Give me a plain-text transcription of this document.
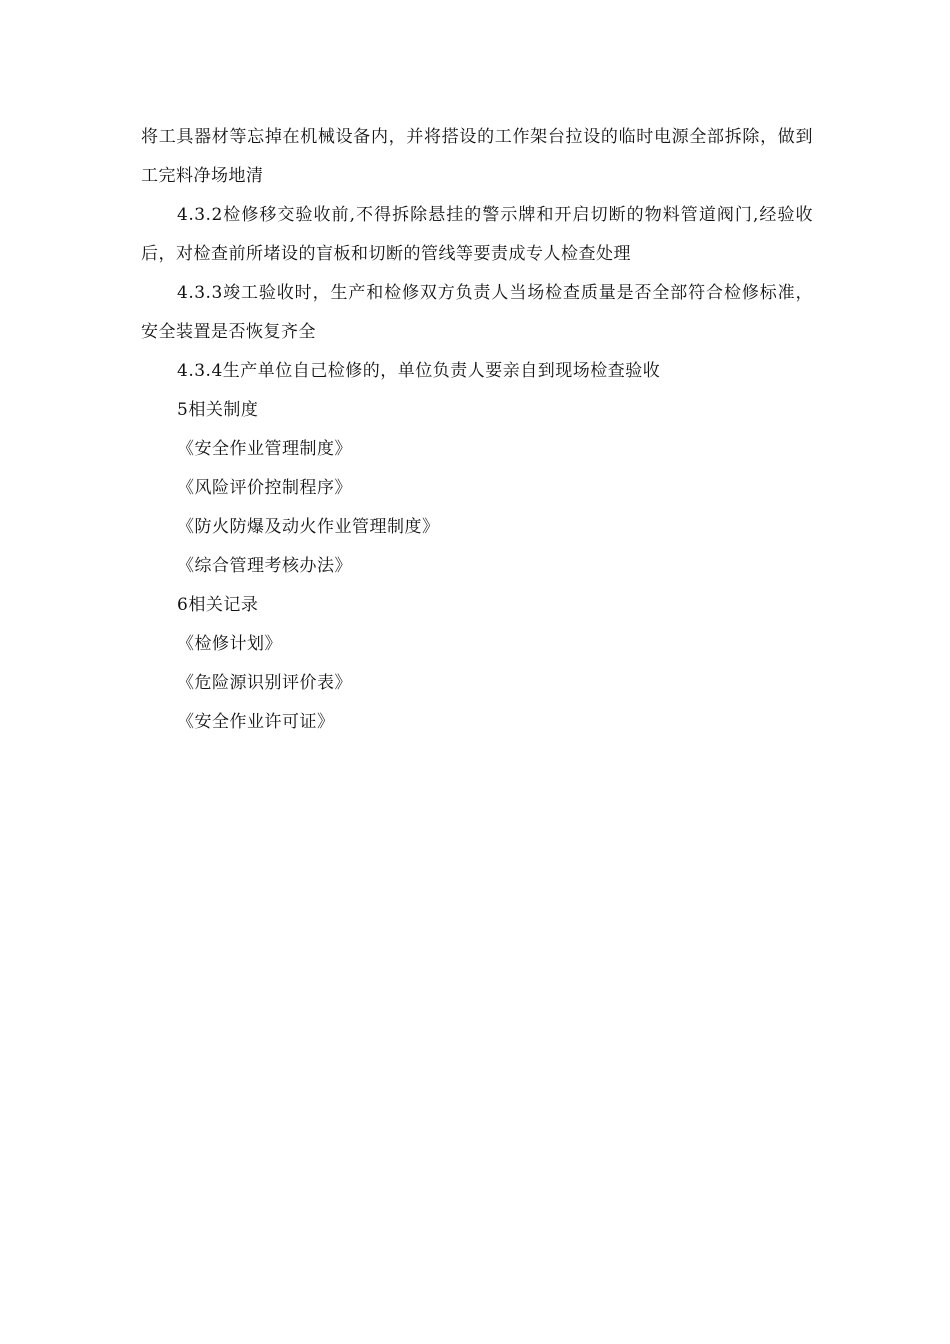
将工具器材等忘掉在机械设备内，并将搭设的工作架台拉设的临时电源全部拆除，做到工完料净场地清

4.3.2检修移交验收前,不得拆除悬挂的警示牌和开启切断的物料管道阀门,经验收后，对检查前所堵设的盲板和切断的管线等要责成专人检查处理

4.3.3竣工验收时，生产和检修双方负责人当场检查质量是否全部符合检修标准，安全装置是否恢复齐全

4.3.4生产单位自己检修的，单位负责人要亲自到现场检查验收

5相关制度

《安全作业管理制度》

《风险评价控制程序》

《防火防爆及动火作业管理制度》

《综合管理考核办法》

6相关记录

《检修计划》

《危险源识别评价表》

《安全作业许可证》
